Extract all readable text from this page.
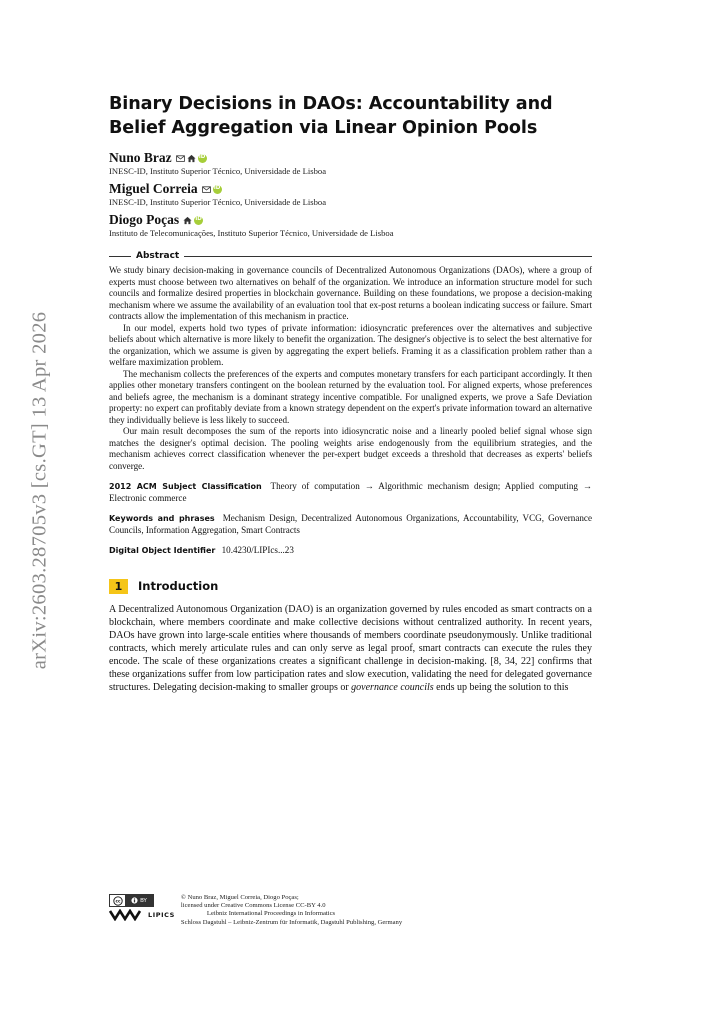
arXiv:2603.28705v3 [cs.GT] 13 Apr 2026
Binary Decisions in DAOs: Accountability and
Belief Aggregation via Linear Opinion Pools
Nuno Braz	iD
INESC-ID, Instituto Superior Técnico, Universidade de Lisboa
Miguel Correia	iD
INESC-ID, Instituto Superior Técnico, Universidade de Lisboa
Diogo Poças	iD
Instituto de Telecomunicações, Instituto Superior Técnico, Universidade de Lisboa
Abstract

We study binary decision-making in governance councils of Decentralized Autonomous Organizations (DAOs), where a group of experts must choose between two alternatives on behalf of the organization. We introduce an information structure model for such councils and formalize desired properties in blockchain governance. Building on these foundations, we propose a decision-making mechanism where we assume the availability of an evaluation tool that ex-post returns a boolean indicating success or failure. Smart contracts allow the implementation of this mechanism in practice.

In our model, experts hold two types of private information: idiosyncratic preferences over the alternatives and subjective beliefs about which alternative is more likely to benefit the organization. The designer's objective is to select the best alternative for the organization, which we assume is given by aggregating the expert beliefs. Framing it as a classification problem rather than a welfare maximization problem.

The mechanism collects the preferences of the experts and computes monetary transfers for each participant accordingly. It then applies other monetary transfers contingent on the boolean returned by the evaluation tool. For aligned experts, whose preferences and beliefs agree, the mechanism is a dominant strategy incentive compatible. For unaligned experts, we prove a Safe Deviation property: no expert can profitably deviate from a known strategy dependent on the expert's private information toward an alternative they individually believe is less likely to succeed.

Our main result decomposes the sum of the reports into idiosyncratic noise and a linearly pooled belief signal whose sign matches the designer's optimal decision. The pooling weights arise endogenously from the equilibrium strategies, and the mechanism achieves correct classification whenever the per-expert budget exceeds a threshold that decreases as experts' beliefs converge.

2012 ACM Subject Classification Theory of computation → Algorithmic mechanism design; Applied computing → Electronic commerce
Keywords and phrases Mechanism Design, Decentralized Autonomous Organizations, Accountability, VCG, Governance Councils, Information Aggregation, Smart Contracts
Digital Object Identifier 10.4230/LIPIcs...23
1	Introduction

A Decentralized Autonomous Organization (DAO) is an organization governed by rules encoded as smart contracts on a blockchain, where members coordinate and make collective decisions without centralized authority. In recent years, DAOs have grown into large-scale entities where thousands of members coordinate pseudonymously. Unlike traditional contracts, which merely articulate rules and can only serve as legal proof, smart contracts can execute the rules they encode. The scale of these organizations creates a significant challenge in decision-making. [8, 34, 22] confirms that these organizations suffer from low participation rates and slow execution, validating the need for delegated governance structures. Delegating decision-making to smaller groups or governance councils ends up being the solution to this

cc	BY
LIPICS
© Nuno Braz, Miguel Correia, Diogo Poças;
licensed under Creative Commons License CC-BY 4.0
Leibniz International Proceedings in Informatics
Schloss Dagstuhl – Leibniz-Zentrum für Informatik, Dagstuhl Publishing, Germany
